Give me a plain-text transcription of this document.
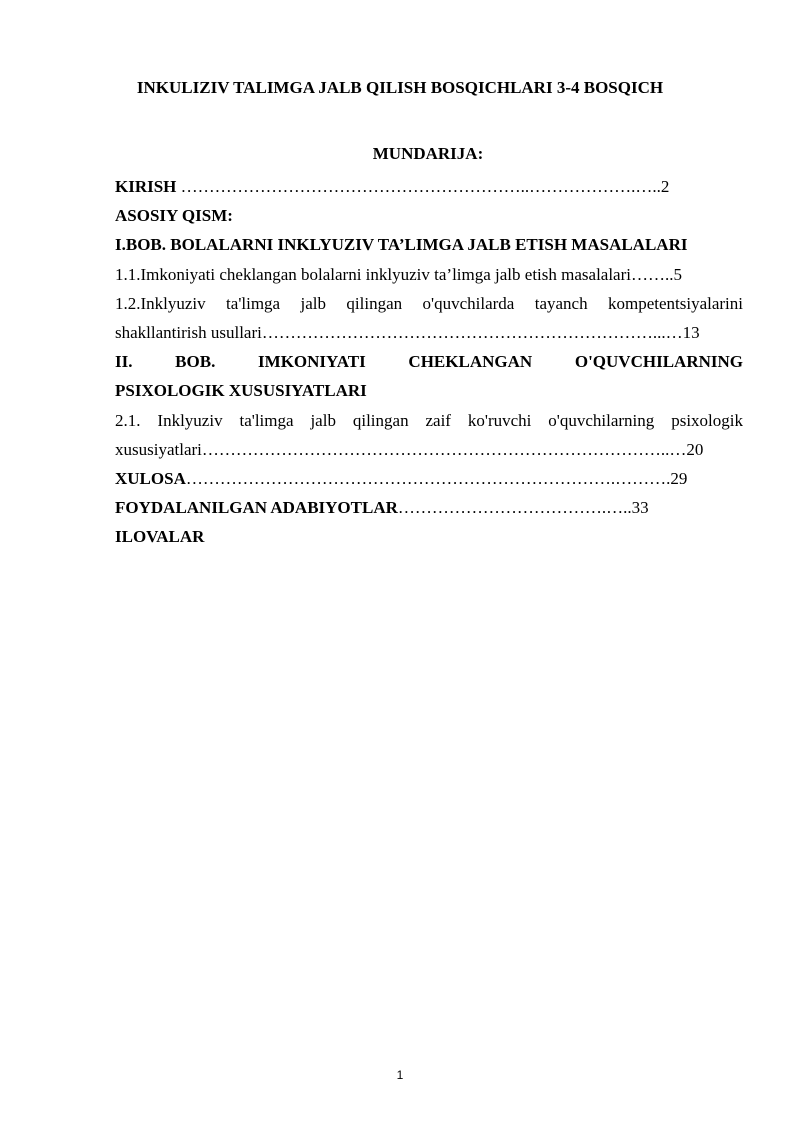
INKULIZIV TALIMGA JALB QILISH BOSQICHLARI 3-4 BOSQICH
MUNDARIJA:
KIRISH ……………………………………………………..……………….…..2
ASOSIY QISM:
I.BOB. BOLALARNI INKLYUZIV TA’LIMGA JALB ETISH MASALALARI
1.1.Imkoniyati cheklangan bolalarni inklyuziv ta’limga jalb etish masalalari……..5
1.2.Inklyuziv ta'limga jalb qilingan o'quvchilarda tayanch kompetentsiyalarini
shakllantirish usullari……………………………………………………………...…13
II. BOB. IMKONIYATI CHEKLANGAN O'QUVCHILARNING
PSIXOLOGIK XUSUSIYATLARI
2.1. Inklyuziv ta'limga jalb qilingan zaif ko'ruvchi o'quvchilarning psixologik
xususiyatlari………………………………………………………………………..…20
XULOSA………………………………………………………………….……….29
FOYDALANILGAN ADABIYOTLAR……………………………….…..33
ILOVALAR
1
